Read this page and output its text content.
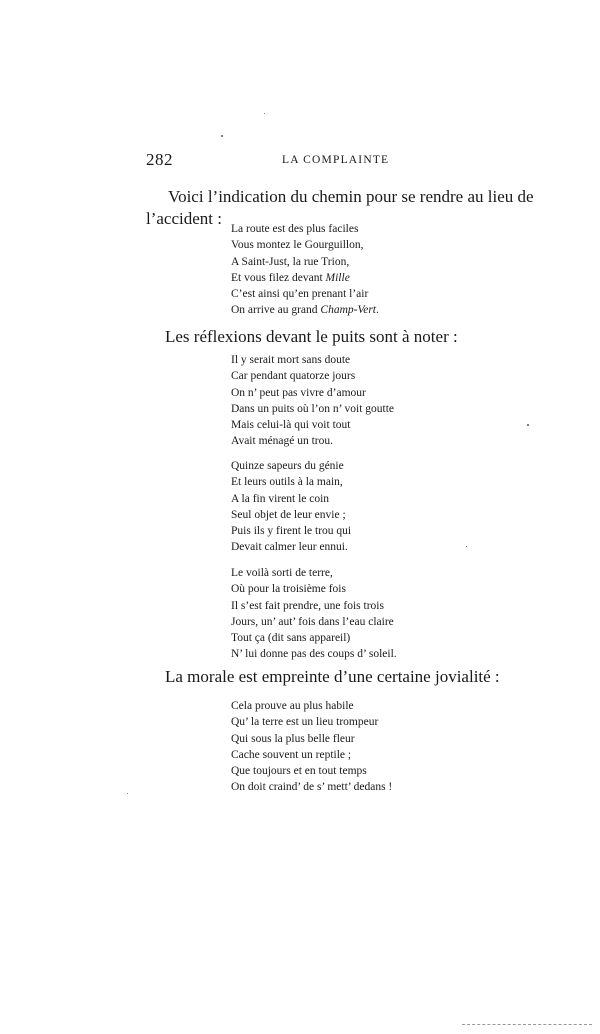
282	LA COMPLAINTE

Voici l’indication du chemin pour se rendre au lieu de
l’accident :

La route est des plus faciles
Vous montez le Gourguillon,
A Saint-Just, la rue Trion,
Et vous filez devant Mille
C’est ainsi qu’en prenant l’air
On arrive au grand Champ-Vert.

Les réflexions devant le puits sont à noter :

Il y serait mort sans doute
Car pendant quatorze jours
On n’ peut pas vivre d’amour
Dans un puits où l’on n’ voit goutte
Mais celui-là qui voit tout
Avait ménagé un trou.
Quinze sapeurs du génie
Et leurs outils à la main,
A la fin virent le coin
Seul objet de leur envie ;
Puis ils y firent le trou qui
Devait calmer leur ennui.
Le voilà sorti de terre,
Où pour la troisième fois
Il s’est fait prendre, une fois trois
Jours, un’ aut’ fois dans l’eau claire
Tout ça (dit sans appareil)
N’ lui donne pas des coups d’ soleil.

La morale est empreinte d’une certaine jovialité :

Cela prouve au plus habile
Qu’ la terre est un lieu trompeur
Qui sous la plus belle fleur
Cache souvent un reptile ;
Que toujours et en tout temps
On doit craind’ de s’ mett’ dedans !
